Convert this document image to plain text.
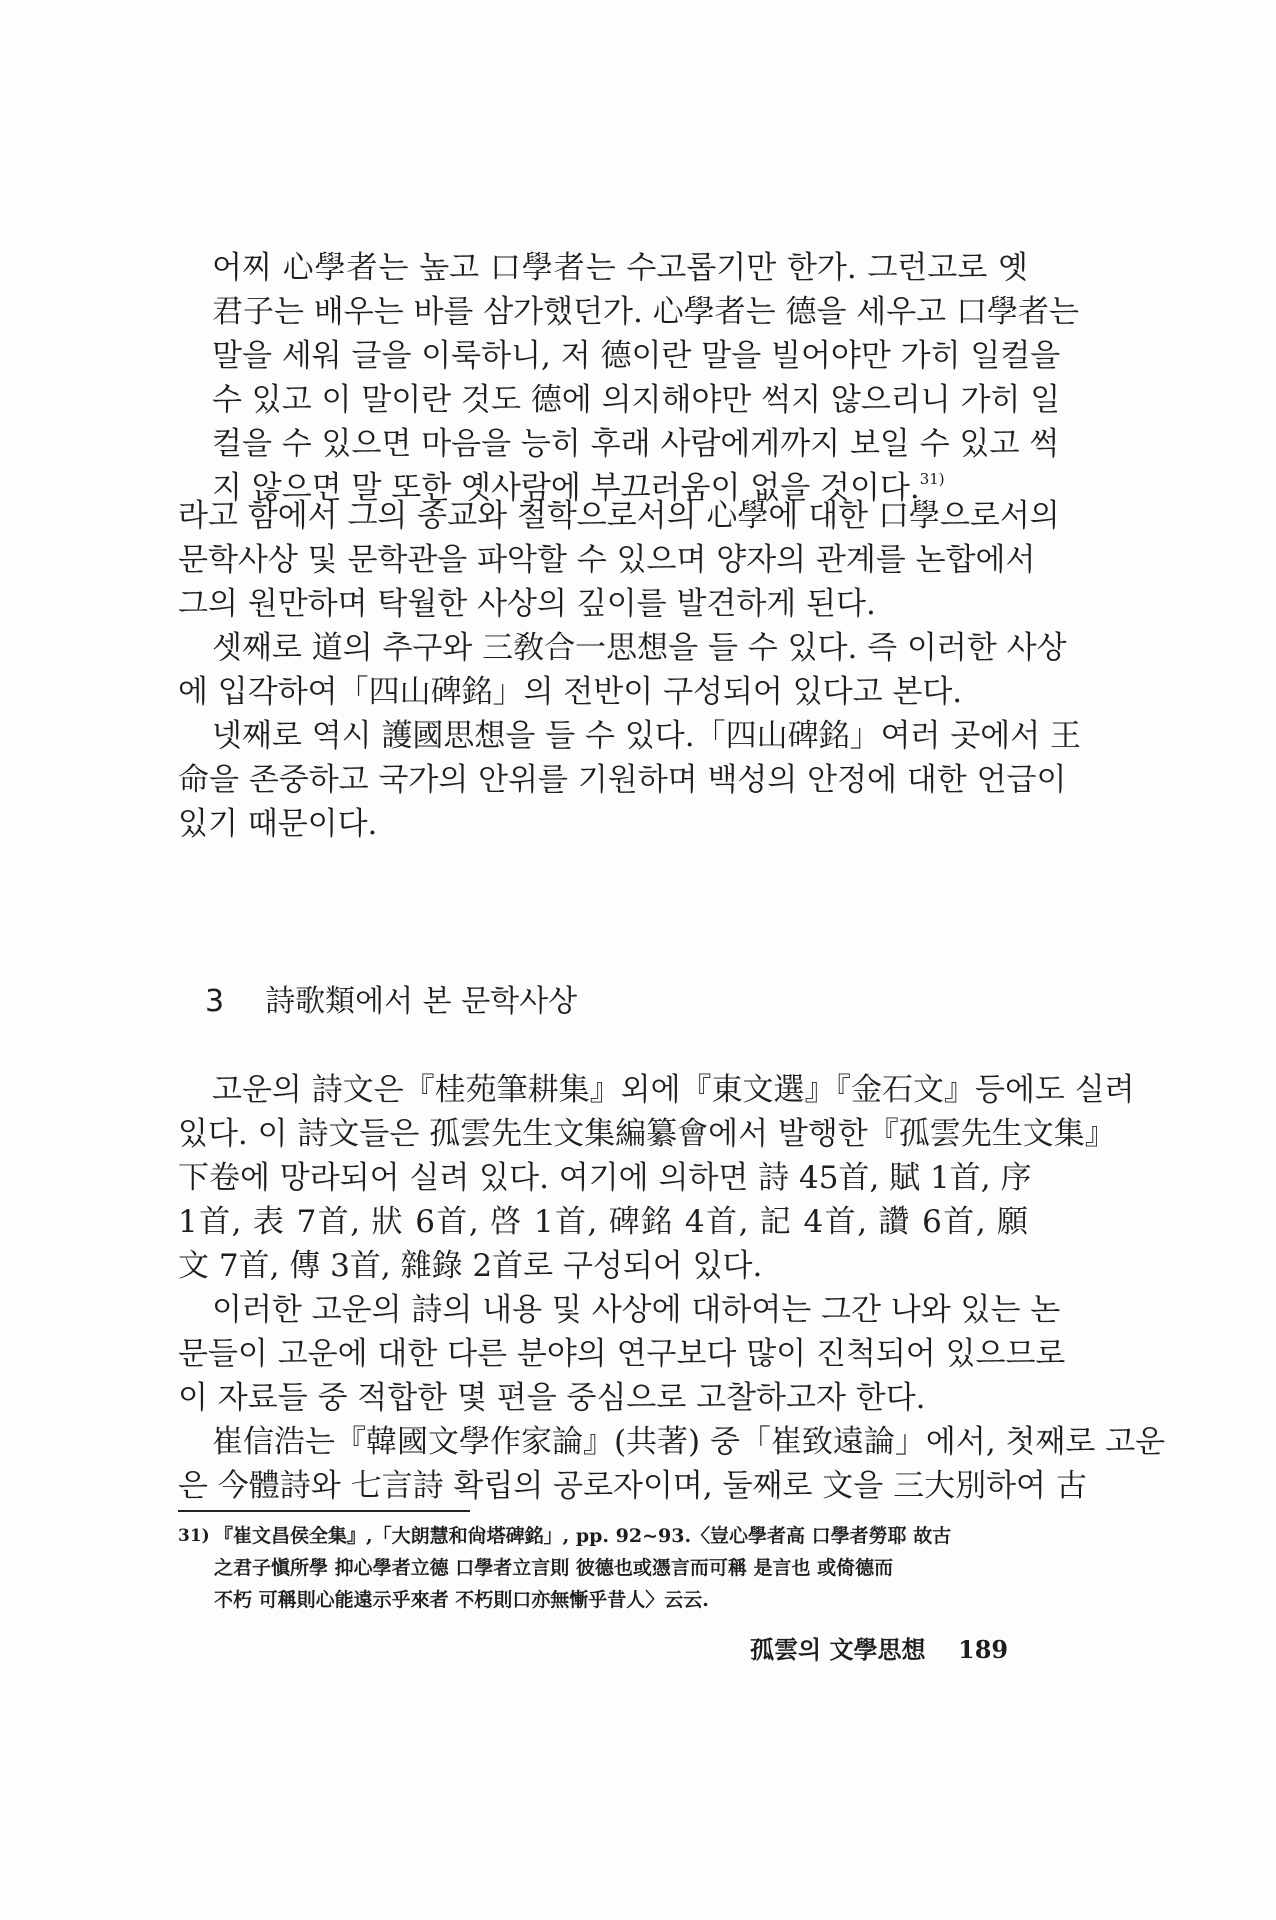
어찌 心學者는 높고 口學者는 수고롭기만 한가. 그런고로 옛
君子는 배우는 바를 삼가했던가. 心學者는 德을 세우고 口學者는
말을 세워 글을 이룩하니, 저 德이란 말을 빌어야만 가히 일컬을
수 있고 이 말이란 것도 德에 의지해야만 썩지 않으리니 가히 일
컬을 수 있으면 마음을 능히 후래 사람에게까지 보일 수 있고 썩
지 않으면 말 또한 옛사람에 부끄러움이 없을 것이다.$^{31)}$
라고 함에서 그의 종교와 철학으로서의 心學에 대한 口學으로서의
문학사상 및 문학관을 파악할 수 있으며 양자의 관계를 논합에서
그의 원만하며 탁월한 사상의 깊이를 발견하게 된다.
셋째로 道의 추구와 三敎合一思想을 들 수 있다. 즉 이러한 사상
에 입각하여「四山碑銘」의 전반이 구성되어 있다고 본다.
넷째로 역시 護國思想을 들 수 있다.「四山碑銘」여러 곳에서 王
命을 존중하고 국가의 안위를 기원하며 백성의 안정에 대한 언급이
있기 때문이다.
3 詩歌類에서 본 문학사상
고운의 詩文은『桂苑筆耕集』외에『東文選』『金石文』등에도 실려
있다. 이 詩文들은 孤雲先生文集編纂會에서 발행한『孤雲先生文集』
下卷에 망라되어 실려 있다. 여기에 의하면 詩 45首, 賦 1首, 序
1首, 表 7首, 狀 6首, 啓 1首, 碑銘 4首, 記 4首, 讚 6首, 願
文 7首, 傳 3首, 雜錄 2首로 구성되어 있다.
이러한 고운의 詩의 내용 및 사상에 대하여는 그간 나와 있는 논
문들이 고운에 대한 다른 분야의 연구보다 많이 진척되어 있으므로
이 자료들 중 적합한 몇 편을 중심으로 고찰하고자 한다.
崔信浩는『韓國文學作家論』(共著) 중「崔致遠論」에서, 첫째로 고운
은 今體詩와 七言詩 확립의 공로자이며, 둘째로 文을 三大別하여 古
31) 『崔文昌侯全集』,「大朗慧和尙塔碑銘」, pp. 92~93.〈豈心學者高 口學者勞耶 故古
之君子愼所學 抑心學者立德 口學者立言則 彼德也或憑言而可稱 是言也 或倚德而
不朽 可稱則心能遠示乎來者 不朽則口亦無慚乎昔人〉云云.
孤雲의 文學思想 189
